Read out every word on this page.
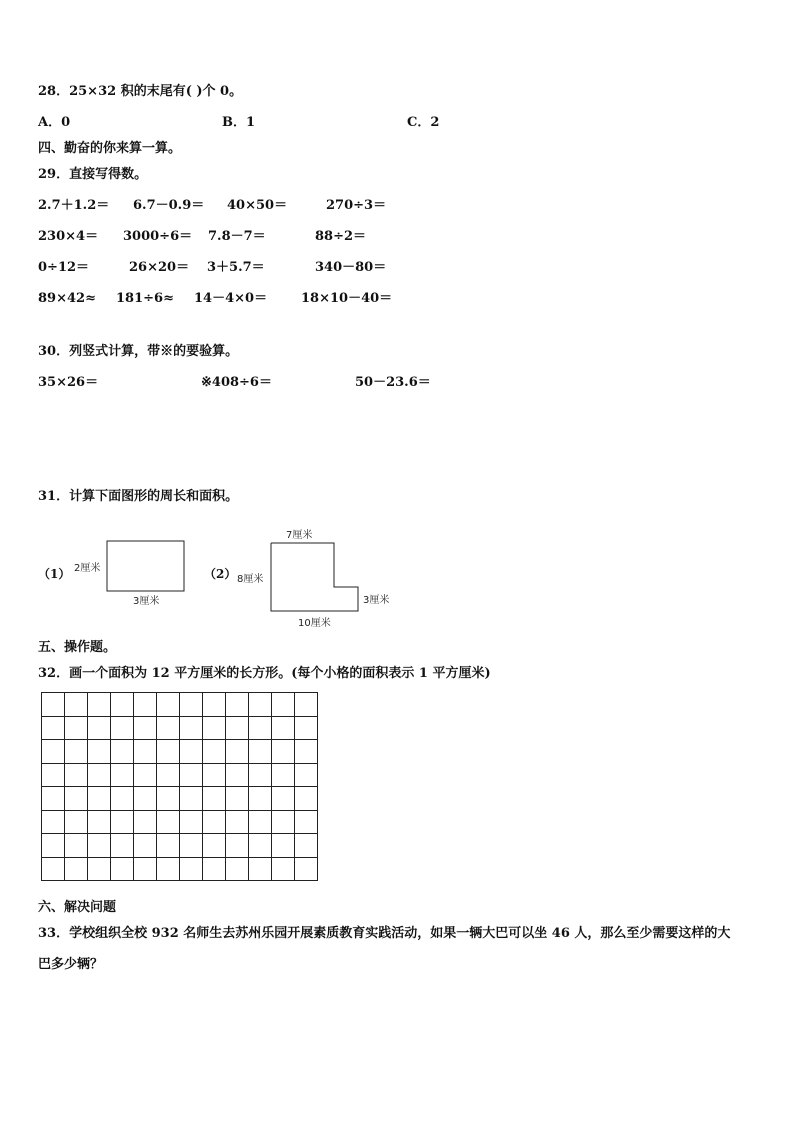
28．25×32 积的末尾有( )个 0。
A．0	B．1	C．2
四、勤奋的你来算一算。
29．直接写得数。
2.7＋1.2＝ 6.7－0.9＝ 40×50＝	270÷3＝
230×4＝ 3000÷6＝ 7.8－7＝	88÷2＝
0÷12＝	26×20＝ 3＋5.7＝	340－80＝
89×42≈ 181÷6≈ 14－4×0＝	18×10－40＝
30．列竖式计算，带※的要验算。
35×26＝	※408÷6＝	50－23.6＝
31．计算下面图形的周长和面积。
（1）	（2）
2厘米
3厘米
7厘米
8厘米
3厘米
10厘米
五、操作题。
32．画一个面积为 12 平方厘米的长方形。(每个小格的面积表示 1 平方厘米)

六、解决问题
33．学校组织全校 932 名师生去苏州乐园开展素质教育实践活动，如果一辆大巴可以坐 46 人，那么至少需要这样的大
巴多少辆？
